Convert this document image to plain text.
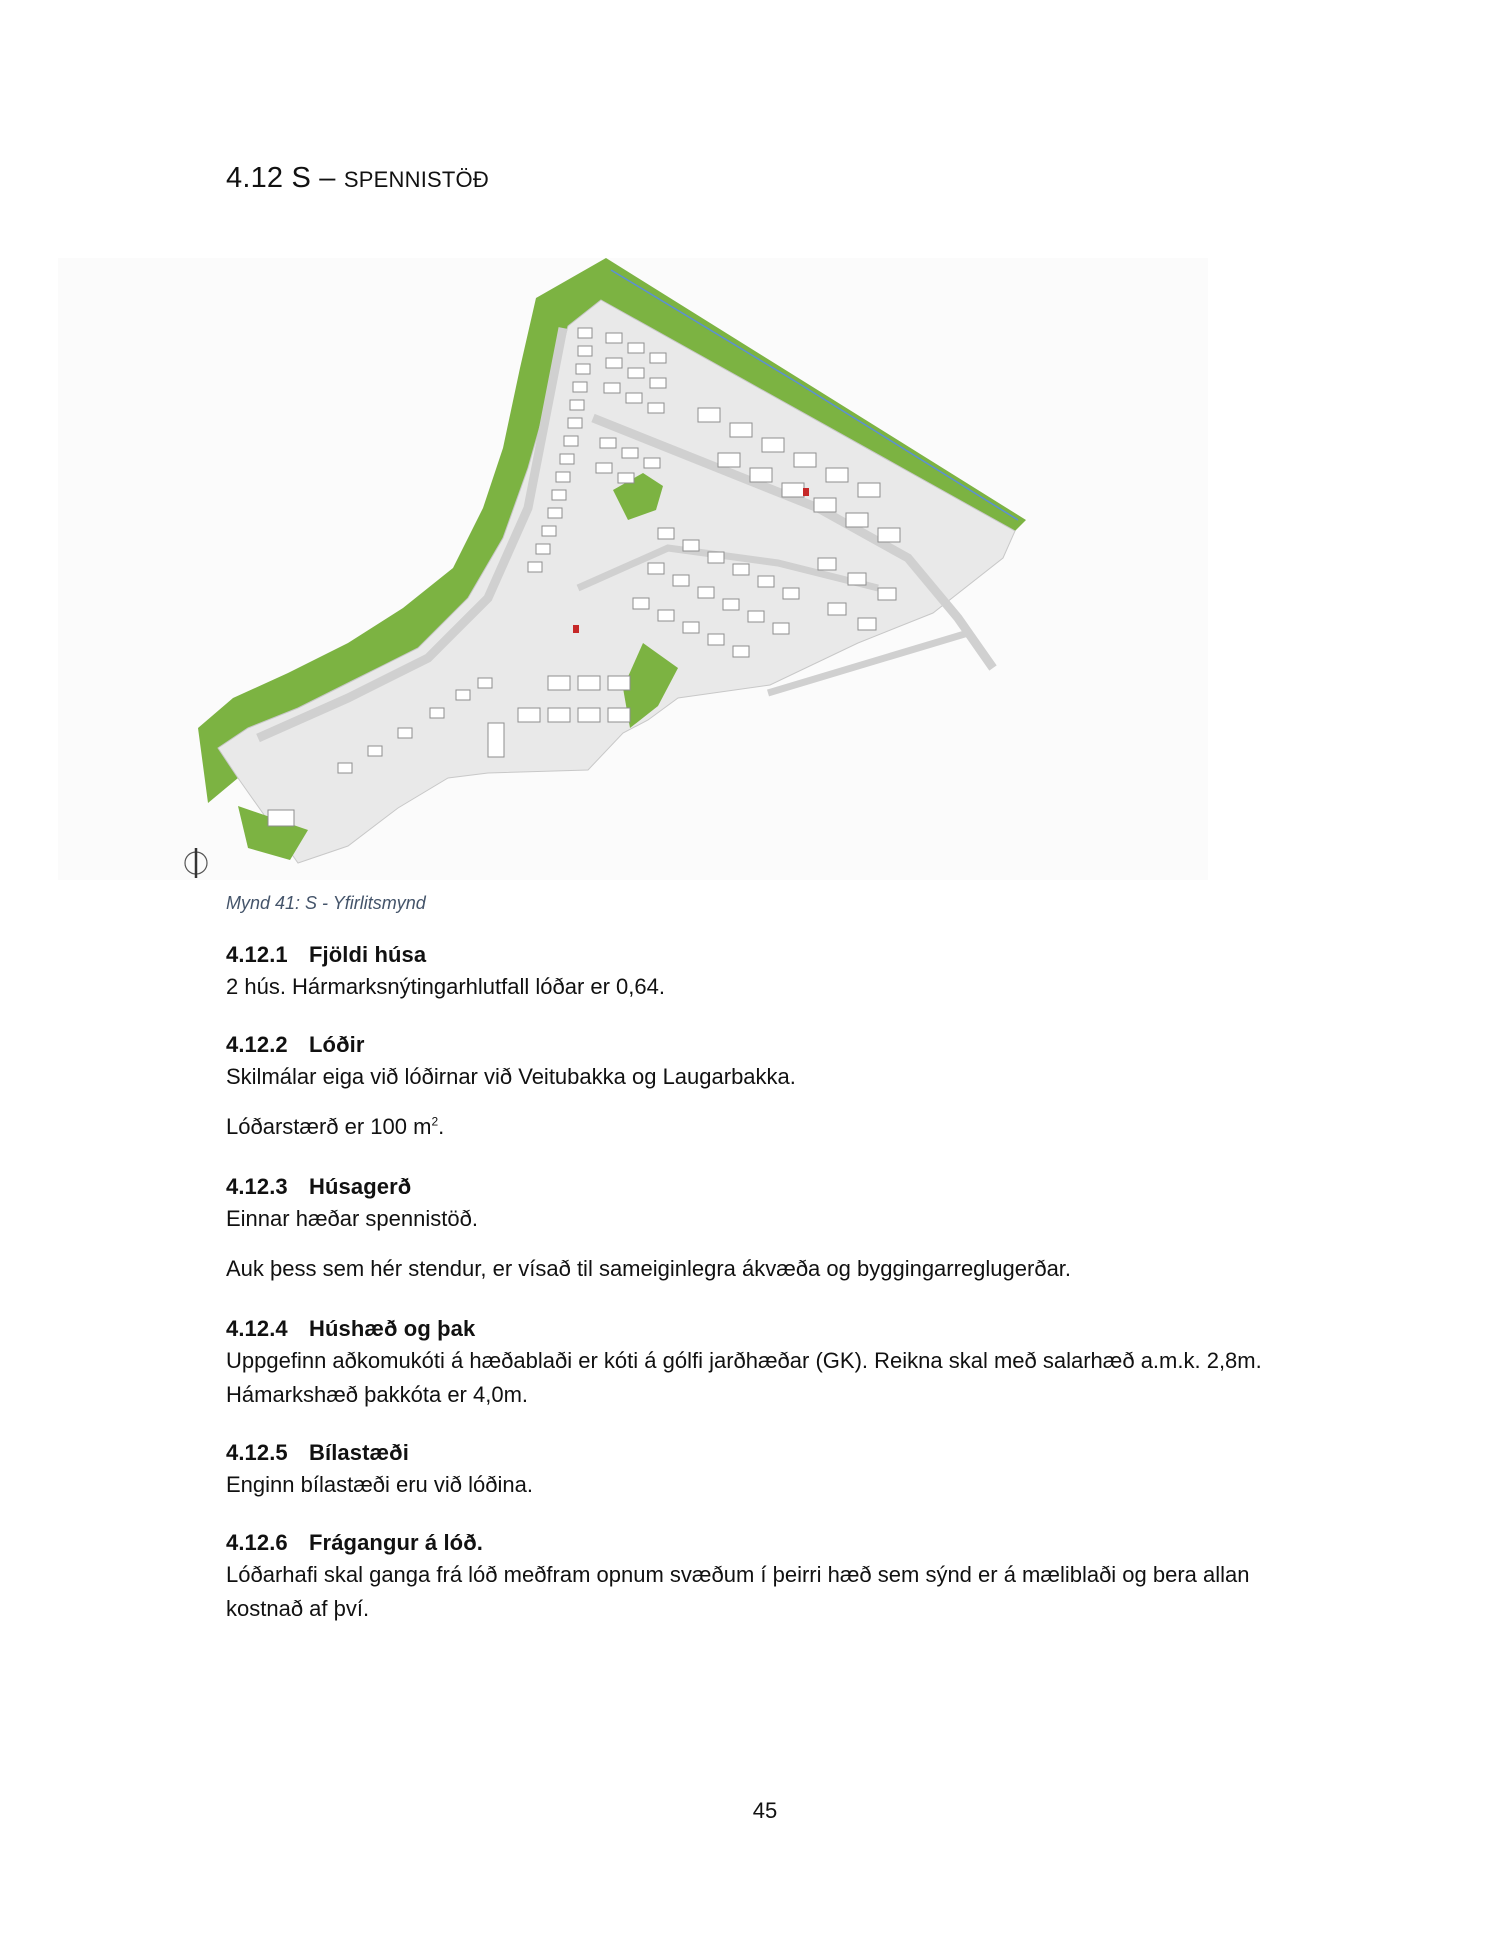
4.12 S – SPENNISTÖÐ
Mynd 41: S - Yfirlitsmynd
4.12.1 Fjöldi húsa

2 hús. Hármarksnýtingarhlutfall lóðar er 0,64.

4.12.2 Lóðir

Skilmálar eiga við lóðirnar við Veitubakka og Laugarbakka.

Lóðarstærð er 100 $m^2$.

4.12.3 Húsagerð

Einnar hæðar spennistöð.

Auk þess sem hér stendur, er vísað til sameiginlegra ákvæða og byggingarreglugerðar.

4.12.4 Húshæð og þak

Uppgefinn aðkomukóti á hæðablaði er kóti á gólfi jarðhæðar (GK). Reikna skal með salarhæð a.m.k. 2,8m. Hámarkshæð þakkóta er 4,0m.

4.12.5 Bílastæði

Enginn bílastæði eru við lóðina.

4.12.6 Frágangur á lóð.

Lóðarhafi skal ganga frá lóð meðfram opnum svæðum í þeirri hæð sem sýnd er á mæliblaði og bera allan kostnað af því.

45
